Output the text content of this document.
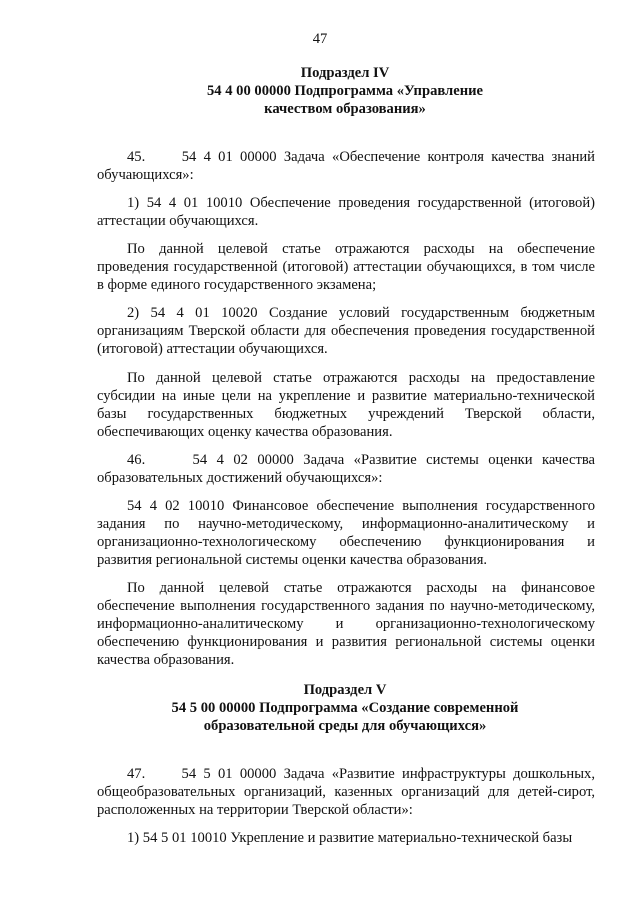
47
Подраздел IV
54 4 00 00000 Подпрограмма «Управление
качеством образования»

45.     54 4 01 00000 Задача «Обеспечение контроля качества знаний обучающихся»:

1) 54 4 01 10010 Обеспечение проведения государственной (итоговой) аттестации обучающихся.

По данной целевой статье отражаются расходы на обеспечение проведения государственной (итоговой) аттестации обучающихся, в том числе в форме единого государственного экзамена;

2) 54 4 01 10020 Создание условий государственным бюджетным организациям Тверской области для обеспечения проведения государственной (итоговой) аттестации обучающихся.

По данной целевой статье отражаются расходы на предоставление субсидии на иные цели на укрепление и развитие материально-технической базы государственных бюджетных учреждений Тверской области, обеспечивающих оценку качества образования.

46.     54 4 02 00000 Задача «Развитие системы оценки качества образовательных достижений обучающихся»:

54 4 02 10010 Финансовое обеспечение выполнения государственного задания по научно-методическому, информационно-аналитическому и организационно-технологическому обеспечению функционирования и развития региональной системы оценки качества образования.

По данной целевой статье отражаются расходы на финансовое обеспечение выполнения государственного задания по научно-методическому, информационно-аналитическому и организационно-технологическому обеспечению функционирования и развития региональной системы оценки качества образования.

Подраздел V
54 5 00 00000 Подпрограмма «Создание современной
образовательной среды для обучающихся»

47.     54 5 01 00000 Задача «Развитие инфраструктуры дошкольных, общеобразовательных организаций, казенных организаций для детей-сирот, расположенных на территории Тверской области»:

1) 54 5 01 10010 Укрепление и развитие материально-технической базы
